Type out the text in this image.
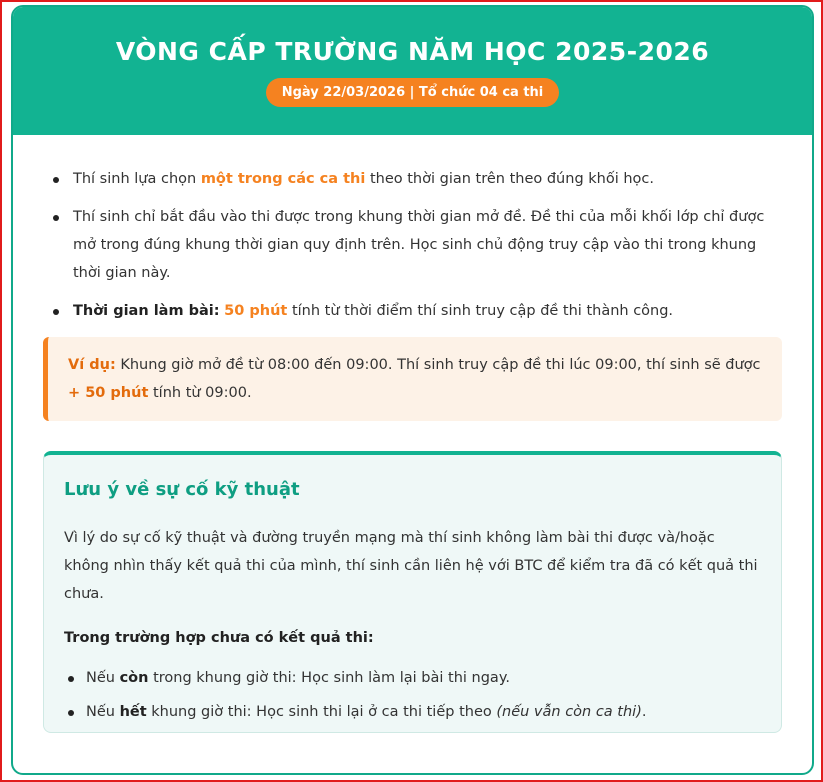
VÒNG CẤP TRƯỜNG NĂM HỌC 2025-2026
Ngày 22/03/2026 | Tổ chức 04 ca thi
Thí sinh lựa chọn một trong các ca thi theo thời gian trên theo đúng khối học.
Thí sinh chỉ bắt đầu vào thi được trong khung thời gian mở đề. Đề thi của mỗi khối lớp chỉ được mở trong đúng khung thời gian quy định trên. Học sinh chủ động truy cập vào thi trong khung thời gian này.
Thời gian làm bài: 50 phút tính từ thời điểm thí sinh truy cập đề thi thành công.
Ví dụ: Khung giờ mở đề từ 08:00 đến 09:00. Thí sinh truy cập đề thi lúc 09:00, thí sinh sẽ được + 50 phút tính từ 09:00.
Lưu ý về sự cố kỹ thuật

Vì lý do sự cố kỹ thuật và đường truyền mạng mà thí sinh không làm bài thi được và/hoặc không nhìn thấy kết quả thi của mình, thí sinh cần liên hệ với BTC để kiểm tra đã có kết quả thi chưa.

Trong trường hợp chưa có kết quả thi:

Nếu còn trong khung giờ thi: Học sinh làm lại bài thi ngay.
Nếu hết khung giờ thi: Học sinh thi lại ở ca thi tiếp theo (nếu vẫn còn ca thi).
